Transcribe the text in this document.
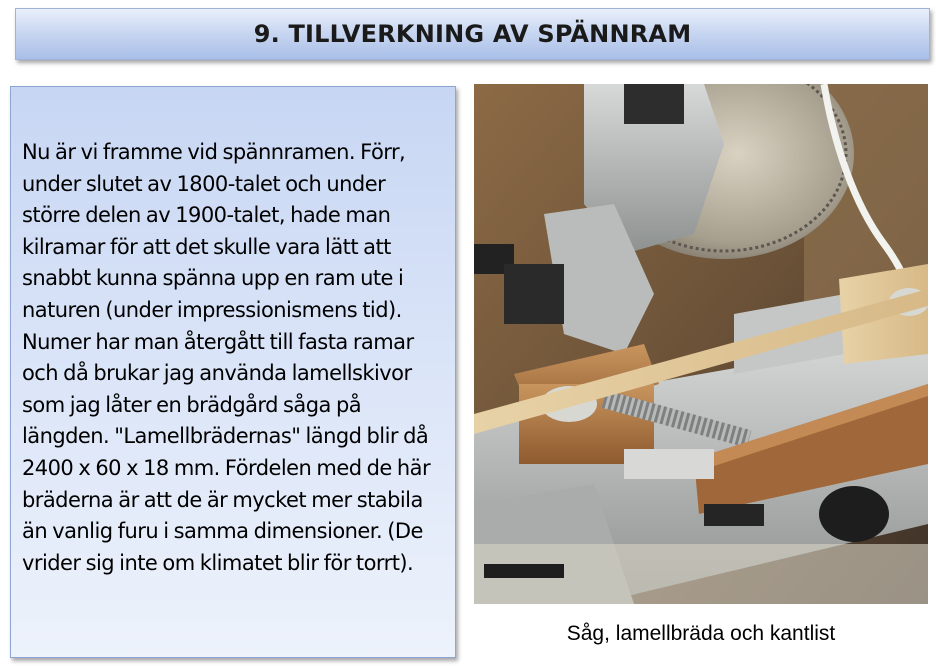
9. TILLVERKNING AV SPÄNNRAM

Nu är vi framme vid spännramen. Förr, under slutet av 1800-talet och under större delen av 1900-talet, hade man kilramar för att det skulle vara lätt att snabbt kunna spänna upp en ram ute i naturen (under impressionismens tid). Numer har man återgått till fasta ramar och då brukar jag använda lamellskivor som jag låter en brädgård såga på längden. "Lamellbrädernas" längd blir då 2400 x 60 x 18 mm. Fördelen med de här bräderna är att de är mycket mer stabila än vanlig furu i samma dimensioner. (De vrider sig inte om klimatet blir för torrt).

Såg, lamellbräda och kantlist
